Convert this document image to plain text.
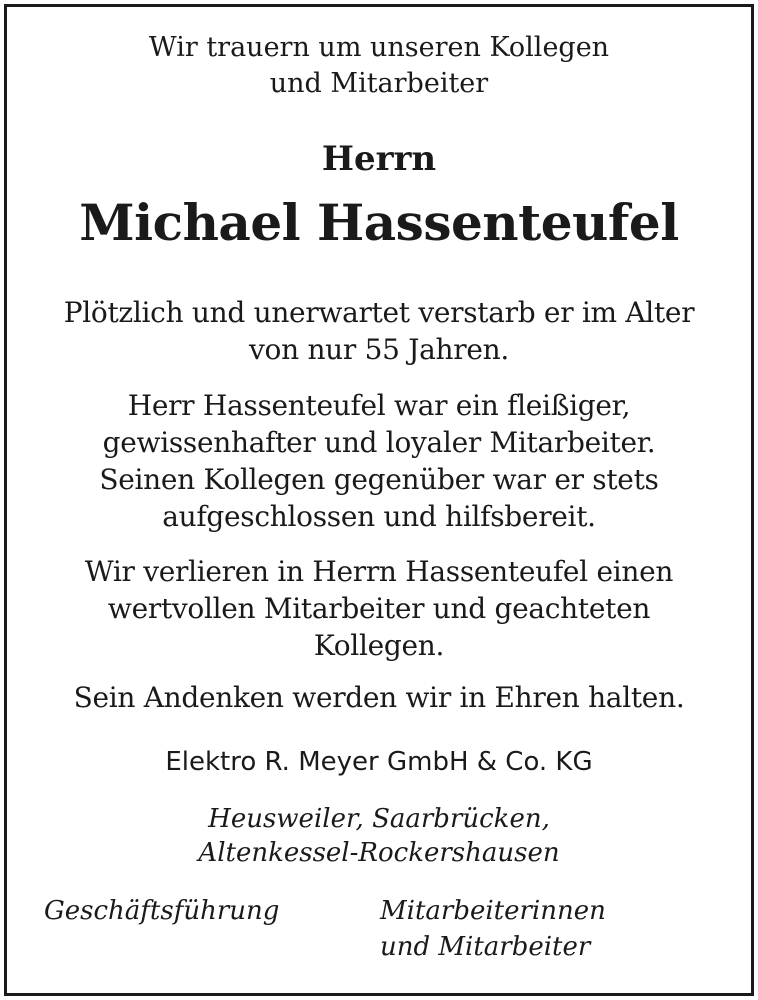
Wir trauern um unseren Kollegen
und Mitarbeiter
Herrn
Michael Hassenteufel
Plötzlich und unerwartet verstarb er im Alter
von nur 55 Jahren.
Herr Hassenteufel war ein fleißiger,
gewissenhafter und loyaler Mitarbeiter.
Seinen Kollegen gegenüber war er stets
aufgeschlossen und hilfsbereit.
Wir verlieren in Herrn Hassenteufel einen
wertvollen Mitarbeiter und geachteten
Kollegen.
Sein Andenken werden wir in Ehren halten.
Elektro R. Meyer GmbH & Co. KG
Heusweiler, Saarbrücken,
Altenkessel-Rockershausen
Geschäftsführung	Mitarbeiterinnen
und Mitarbeiter
